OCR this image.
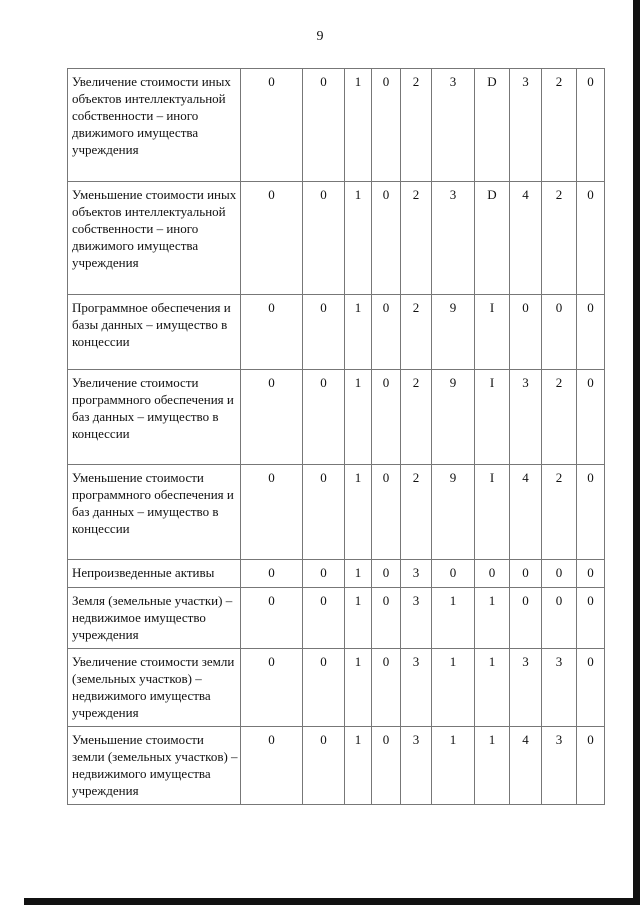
9
Увеличение стоимости иных объектов интеллектуальной собственности – иного движимого имущества учреждения	0	0	1	0	2	3	D	3	2	0
Уменьшение стоимости иных объектов интеллектуальной собственности – иного движимого имущества учреждения	0	0	1	0	2	3	D	4	2	0
Программное обеспечения и базы данных – имущество в концессии	0	0	1	0	2	9	I	0	0	0
Увеличение стоимости программного обеспечения и баз данных – имущество в концессии	0	0	1	0	2	9	I	3	2	0
Уменьшение стоимости программного обеспечения и баз данных – имущество в концессии	0	0	1	0	2	9	I	4	2	0
Непроизведенные активы	0	0	1	0	3	0	0	0	0	0
Земля (земельные участки) – недвижимое имущество учреждения	0	0	1	0	3	1	1	0	0	0
Увеличение стоимости земли (земельных участков) – недвижимого имущества учреждения	0	0	1	0	3	1	1	3	3	0
Уменьшение стоимости земли (земельных участков) – недвижимого имущества учреждения	0	0	1	0	3	1	1	4	3	0
